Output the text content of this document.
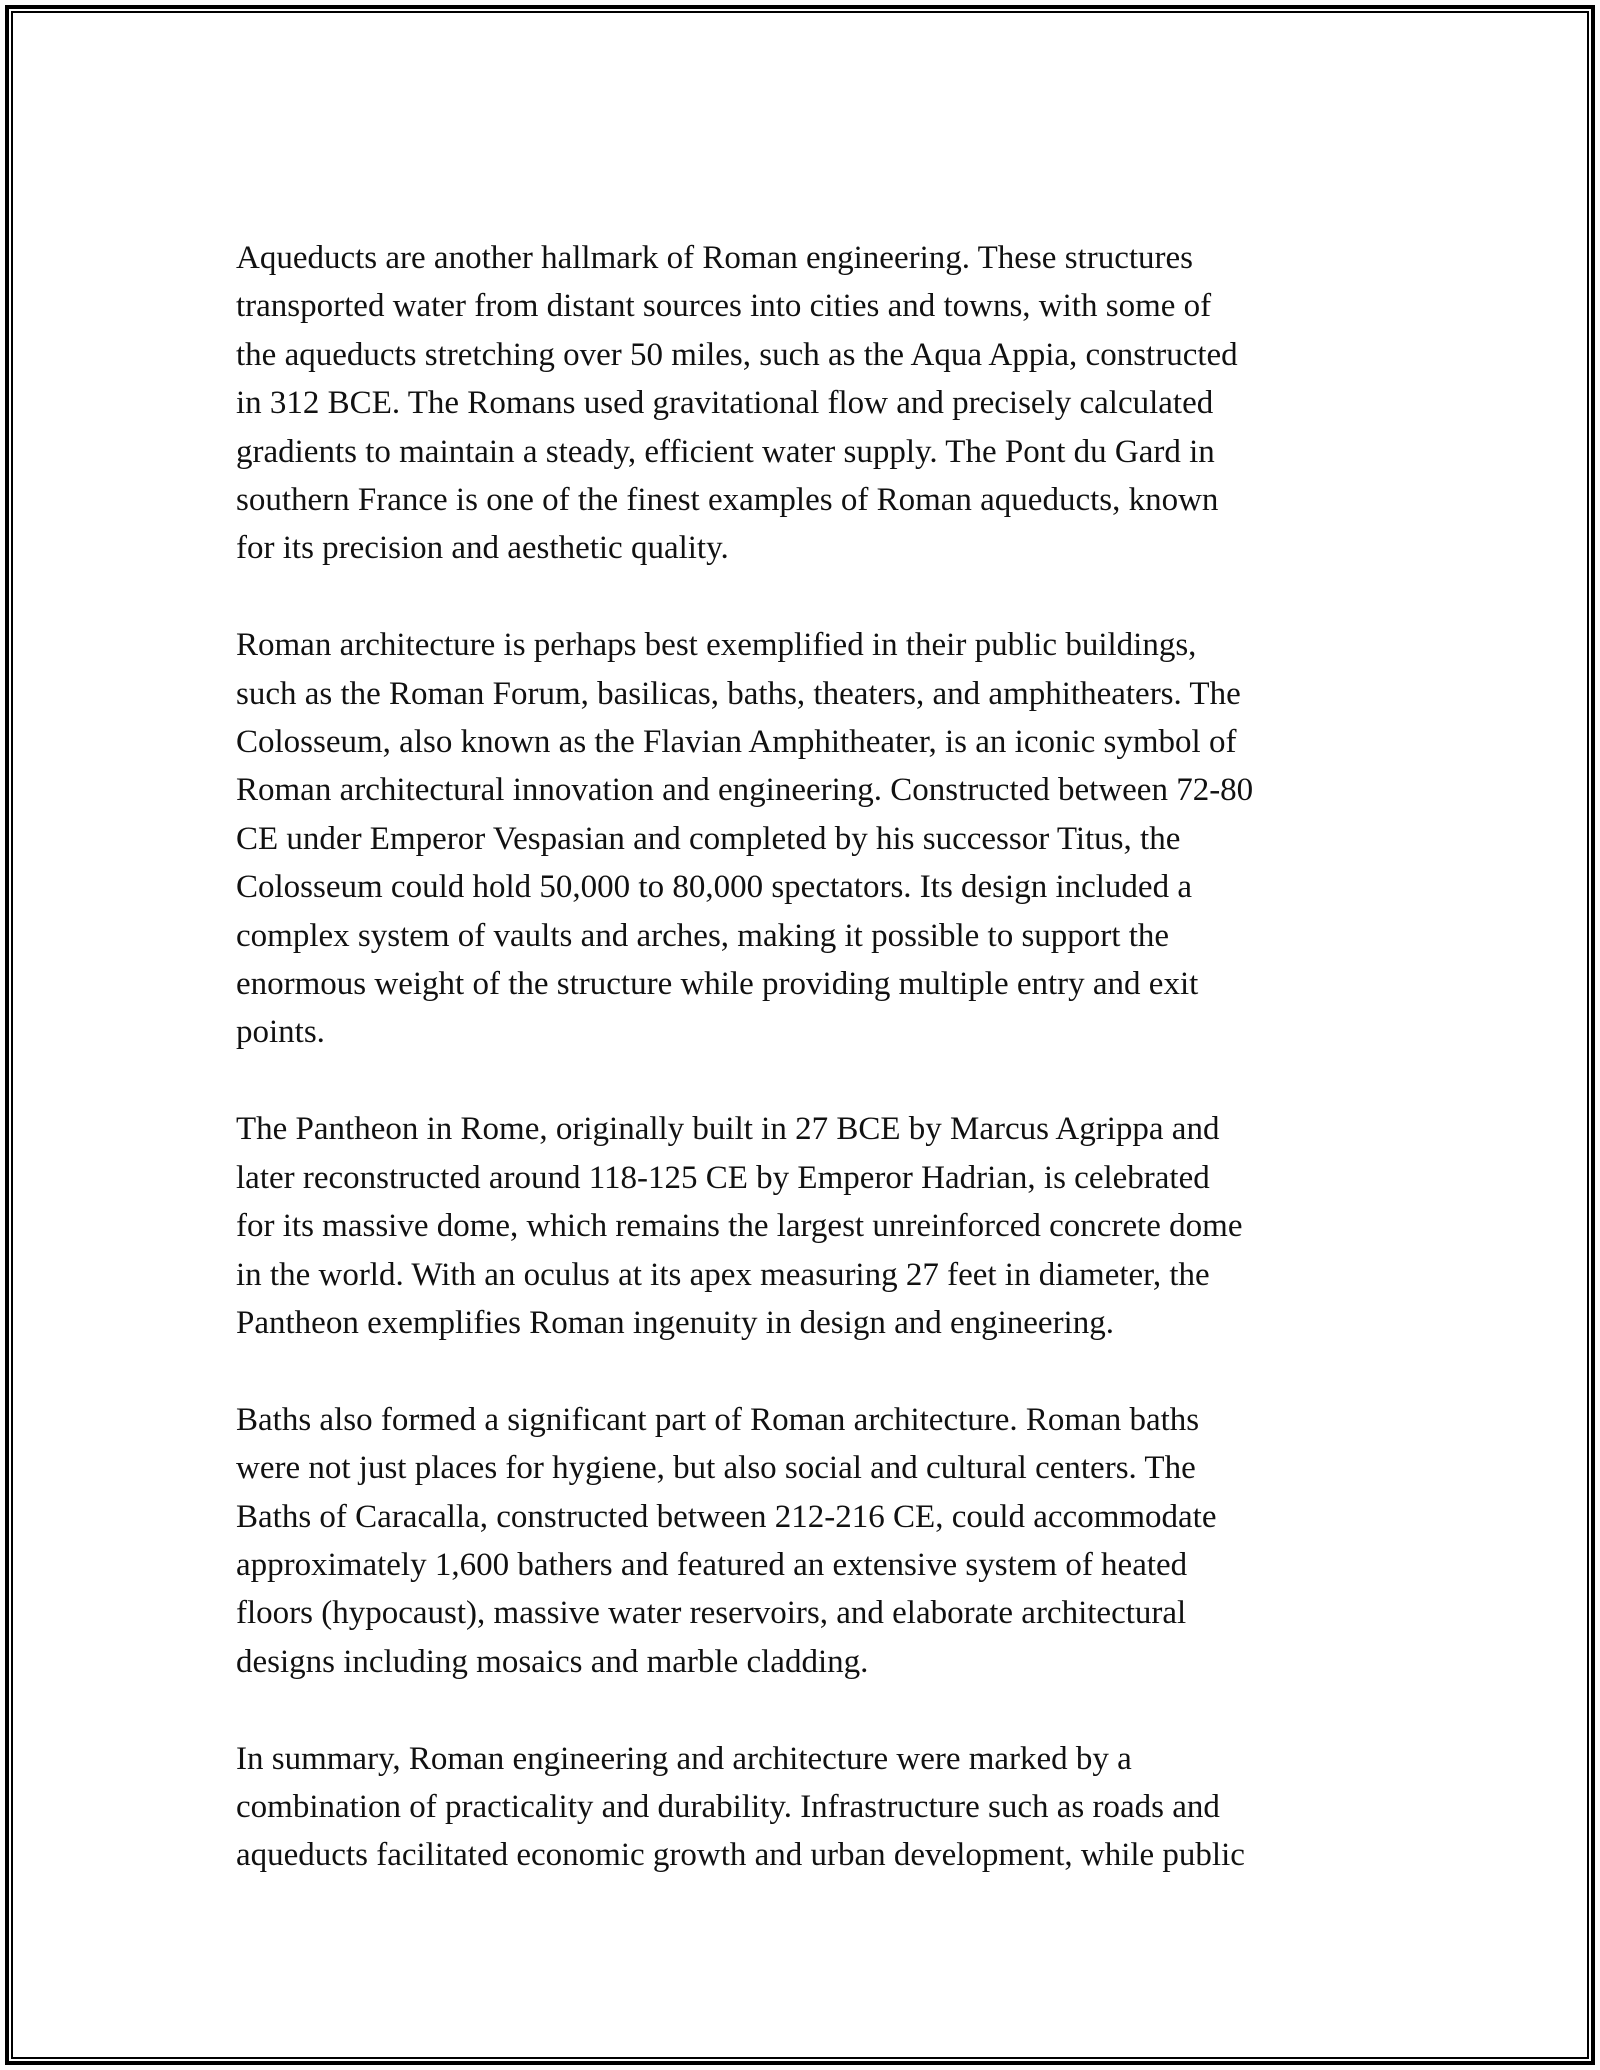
Aqueducts are another hallmark of Roman engineering. These structures
transported water from distant sources into cities and towns, with some of
the aqueducts stretching over 50 miles, such as the Aqua Appia, constructed
in 312 BCE. The Romans used gravitational flow and precisely calculated
gradients to maintain a steady, efficient water supply. The Pont du Gard in
southern France is one of the finest examples of Roman aqueducts, known
for its precision and aesthetic quality.

Roman architecture is perhaps best exemplified in their public buildings,
such as the Roman Forum, basilicas, baths, theaters, and amphitheaters. The
Colosseum, also known as the Flavian Amphitheater, is an iconic symbol of
Roman architectural innovation and engineering. Constructed between 72-80
CE under Emperor Vespasian and completed by his successor Titus, the
Colosseum could hold 50,000 to 80,000 spectators. Its design included a
complex system of vaults and arches, making it possible to support the
enormous weight of the structure while providing multiple entry and exit
points.

The Pantheon in Rome, originally built in 27 BCE by Marcus Agrippa and
later reconstructed around 118-125 CE by Emperor Hadrian, is celebrated
for its massive dome, which remains the largest unreinforced concrete dome
in the world. With an oculus at its apex measuring 27 feet in diameter, the
Pantheon exemplifies Roman ingenuity in design and engineering.

Baths also formed a significant part of Roman architecture. Roman baths
were not just places for hygiene, but also social and cultural centers. The
Baths of Caracalla, constructed between 212-216 CE, could accommodate
approximately 1,600 bathers and featured an extensive system of heated
floors (hypocaust), massive water reservoirs, and elaborate architectural
designs including mosaics and marble cladding.

In summary, Roman engineering and architecture were marked by a
combination of practicality and durability. Infrastructure such as roads and
aqueducts facilitated economic growth and urban development, while public
